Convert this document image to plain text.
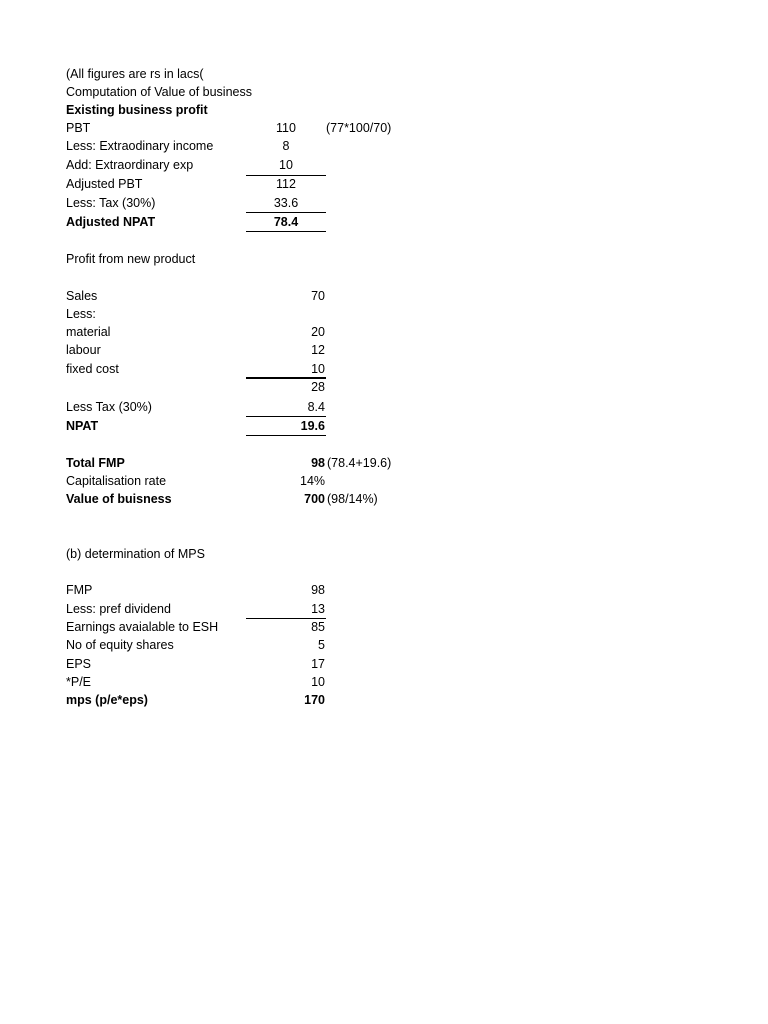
(All figures are rs in lacs(
Computation of Value of business
Existing business profit
PBT	110	(77*100/70)
Less: Extraodinary income	8
Add: Extraordinary exp	10
Adjusted PBT	112
Less: Tax (30%)	33.6
Adjusted NPAT	78.4
Profit from new product
Sales	70
Less:
material	20
labour	12
fixed cost	10
28
Less Tax (30%)	8.4
NPAT	19.6
Total FMP	98 (78.4+19.6)
Capitalisation rate	14%
Value of buisness	700 (98/14%)
(b) determination of MPS
FMP	98
Less: pref dividend	13
Earnings avaialable to ESH	85
No of equity shares	5
EPS	17
*P/E	10
mps (p/e*eps)	170
